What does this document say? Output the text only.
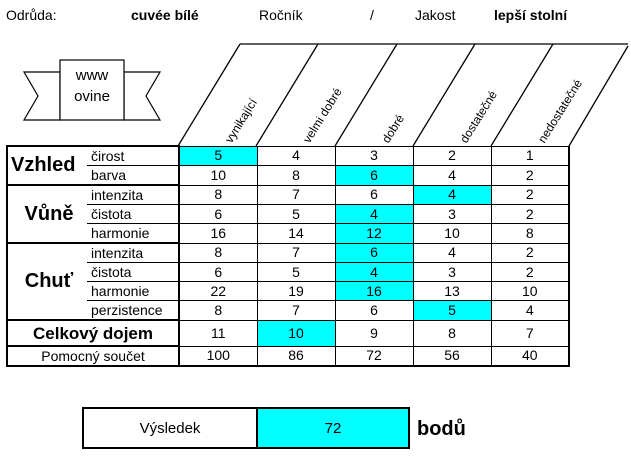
Odrůda:	cuvée bílé	Ročník	/	Jakost	lepší stolní
www
ovine	vynikající	velmi dobré	dobré	dostatečné	nedostatečné
Vzhled	čirost	5	4	3	2	1
	barva	10	8	6	4	2
Vůně	intenzita	8	7	6	4	2
	čistota	6	5	4	3	2
	harmonie	16	14	12	10	8
Chuť	intenzita	8	7	6	4	2
	čistota	6	5	4	3	2
	harmonie	22	19	16	13	10
	perzistence	8	7	6	5	4
Celkový dojem		11	10	9	8	7
Pomocný součet		100	86	72	56	40
Výsledek	72	bodů
